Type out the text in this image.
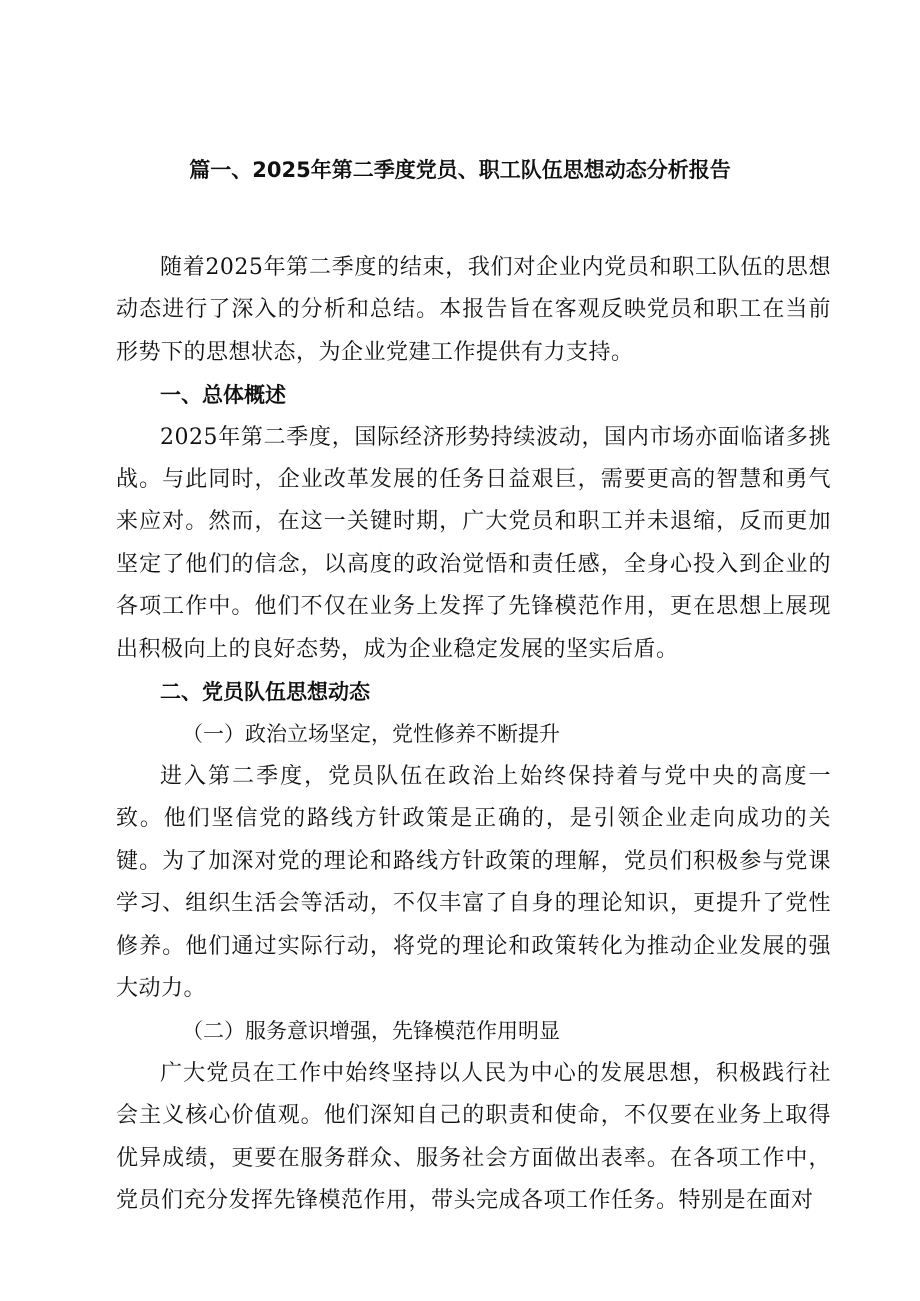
篇一、2025年第二季度党员、职工队伍思想动态分析报告

随着2025年第二季度的结束，我们对企业内党员和职工队伍的思想动态进行了深入的分析和总结。本报告旨在客观反映党员和职工在当前形势下的思想状态，为企业党建工作提供有力支持。

一、总体概述

2025年第二季度，国际经济形势持续波动，国内市场亦面临诸多挑战。与此同时，企业改革发展的任务日益艰巨，需要更高的智慧和勇气来应对。然而，在这一关键时期，广大党员和职工并未退缩，反而更加坚定了他们的信念，以高度的政治觉悟和责任感，全身心投入到企业的各项工作中。他们不仅在业务上发挥了先锋模范作用，更在思想上展现出积极向上的良好态势，成为企业稳定发展的坚实后盾。

二、党员队伍思想动态

（一）政治立场坚定，党性修养不断提升

进入第二季度，党员队伍在政治上始终保持着与党中央的高度一致。他们坚信党的路线方针政策是正确的，是引领企业走向成功的关键。为了加深对党的理论和路线方针政策的理解，党员们积极参与党课学习、组织生活会等活动，不仅丰富了自身的理论知识，更提升了党性修养。他们通过实际行动，将党的理论和政策转化为推动企业发展的强大动力。

（二）服务意识增强，先锋模范作用明显

广大党员在工作中始终坚持以人民为中心的发展思想，积极践行社会主义核心价值观。他们深知自己的职责和使命，不仅要在业务上取得优异成绩，更要在服务群众、服务社会方面做出表率。在各项工作中，党员们充分发挥先锋模范作用，带头完成各项工作任务。特别是在面对
